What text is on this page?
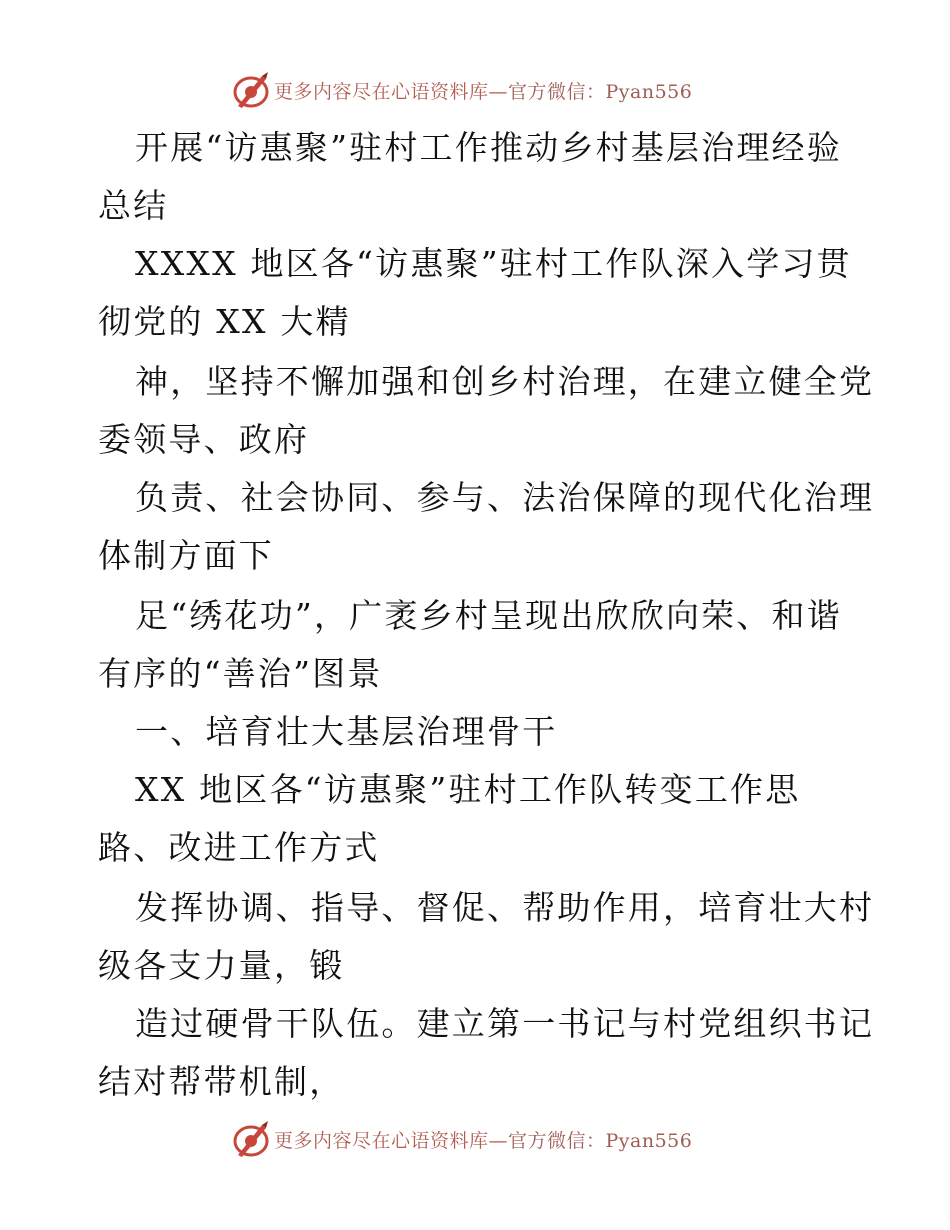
更多内容尽在心语资料库—官方微信：Pyan556
开展“访惠聚”驻村工作推动乡村基层治理经验
总结
XXXX 地区各“访惠聚”驻村工作队深入学习贯
彻党的 XX 大精
神，坚持不懈加强和创乡村治理，在建立健全党
委领导、政府
负责、社会协同、参与、法治保障的现代化治理
体制方面下
足“绣花功”，广袤乡村呈现出欣欣向荣、和谐
有序的“善治”图景
一、培育壮大基层治理骨干
XX 地区各“访惠聚”驻村工作队转变工作思
路、改进工作方式
发挥协调、指导、督促、帮助作用，培育壮大村
级各支力量，锻
造过硬骨干队伍。建立第一书记与村党组织书记
结对帮带机制，
更多内容尽在心语资料库—官方微信：Pyan556
